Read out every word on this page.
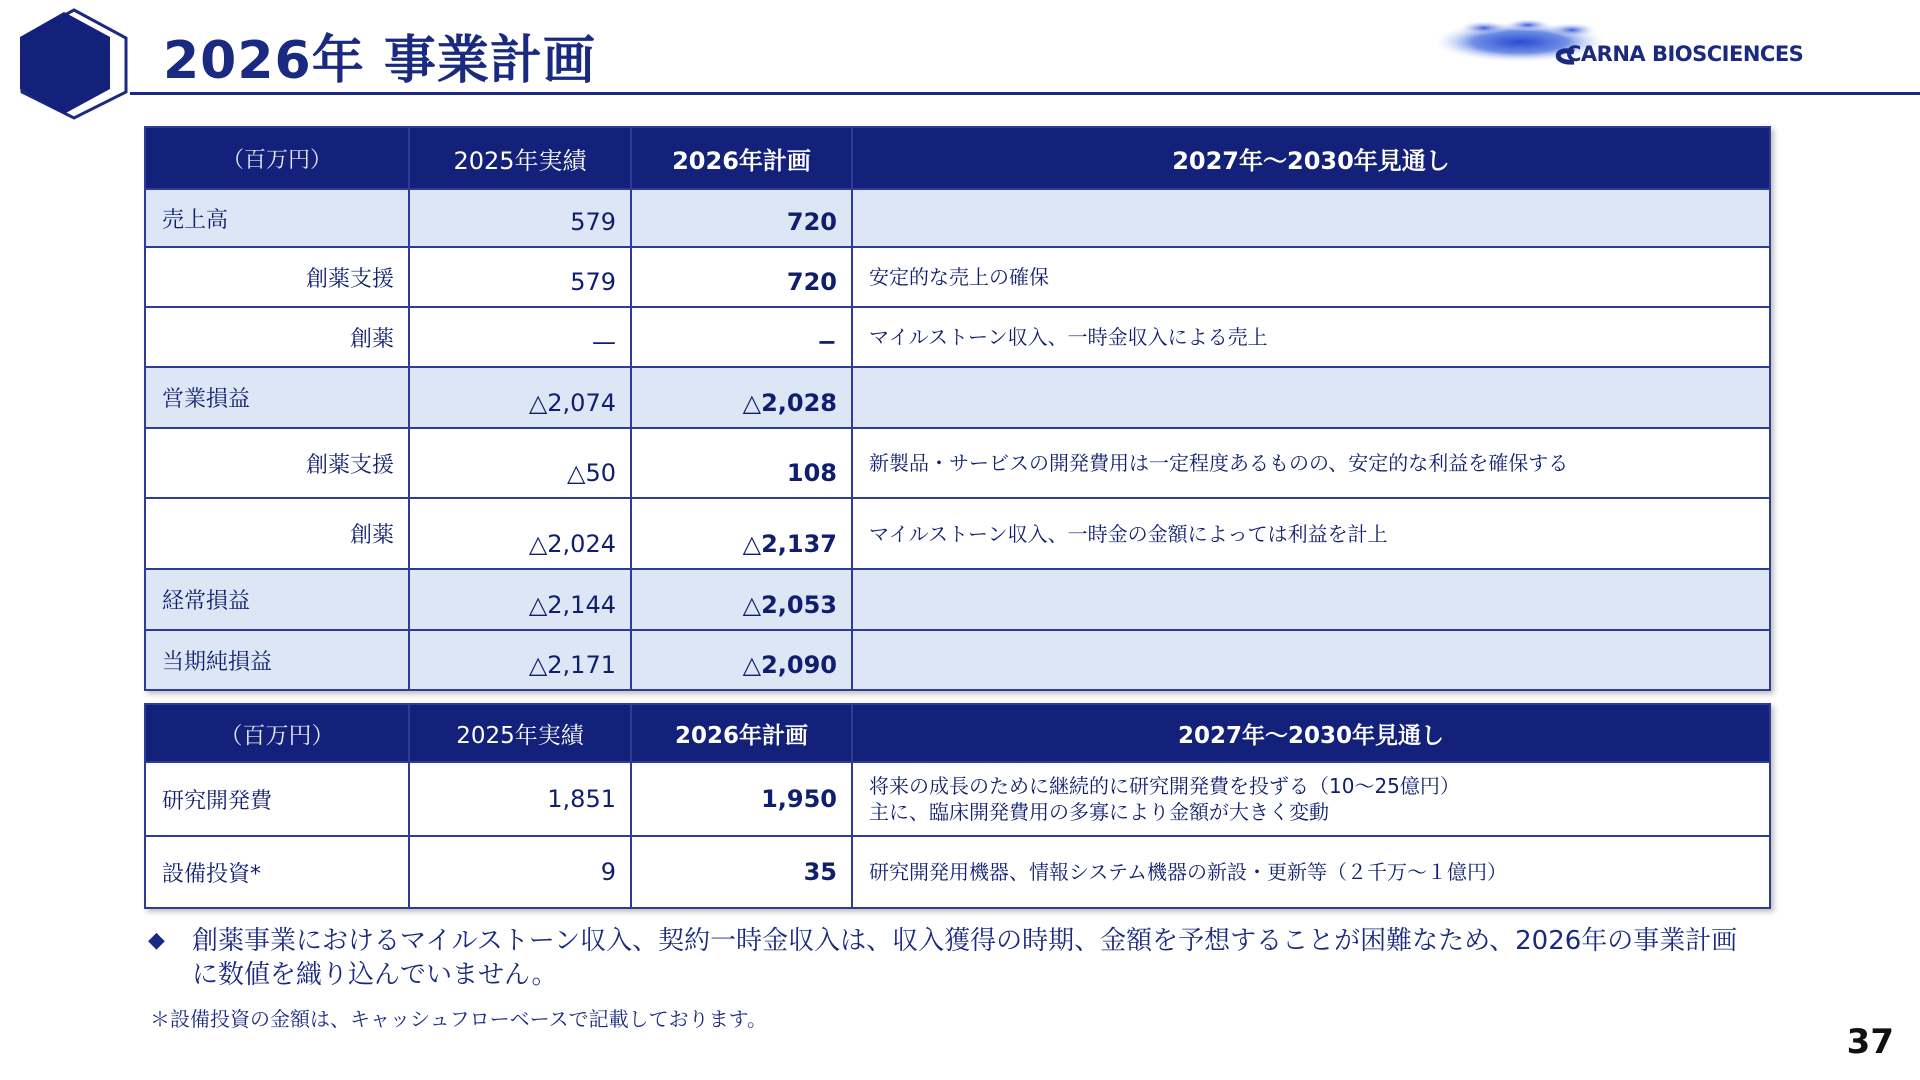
2026年 事業計画	CARNA BIOSCIENCES
（百万円）	2025年実績	2026年計画	2027年～2030年見通し
売上高	579	720	
創薬支援	579	720	安定的な売上の確保
創薬	—	−	マイルストーン収入、一時金収入による売上
営業損益	△2,074	△2,028	
創薬支援	△50	108	新製品・サービスの開発費用は一定程度あるものの、安定的な利益を確保する
創薬	△2,024	△2,137	マイルストーン収入、一時金の金額によっては利益を計上
経常損益	△2,144	△2,053	
当期純損益	△2,171	△2,090	
（百万円）	2025年実績	2026年計画	2027年～2030年見通し
研究開発費	1,851	1,950	将来の成長のために継続的に研究開発費を投ずる（10～25億円）
主に、臨床開発費用の多寡により金額が大きく変動

設備投資*	9	35	研究開発用機器、情報システム機器の新設・更新等（２千万～１億円）
◆	創薬事業におけるマイルストーン収入、契約一時金収入は、収入獲得の時期、金額を予想することが困難なため、2026年の事業計画に数値を織り込んでいません。
＊設備投資の金額は、キャッシュフローベースで記載しております。
37
